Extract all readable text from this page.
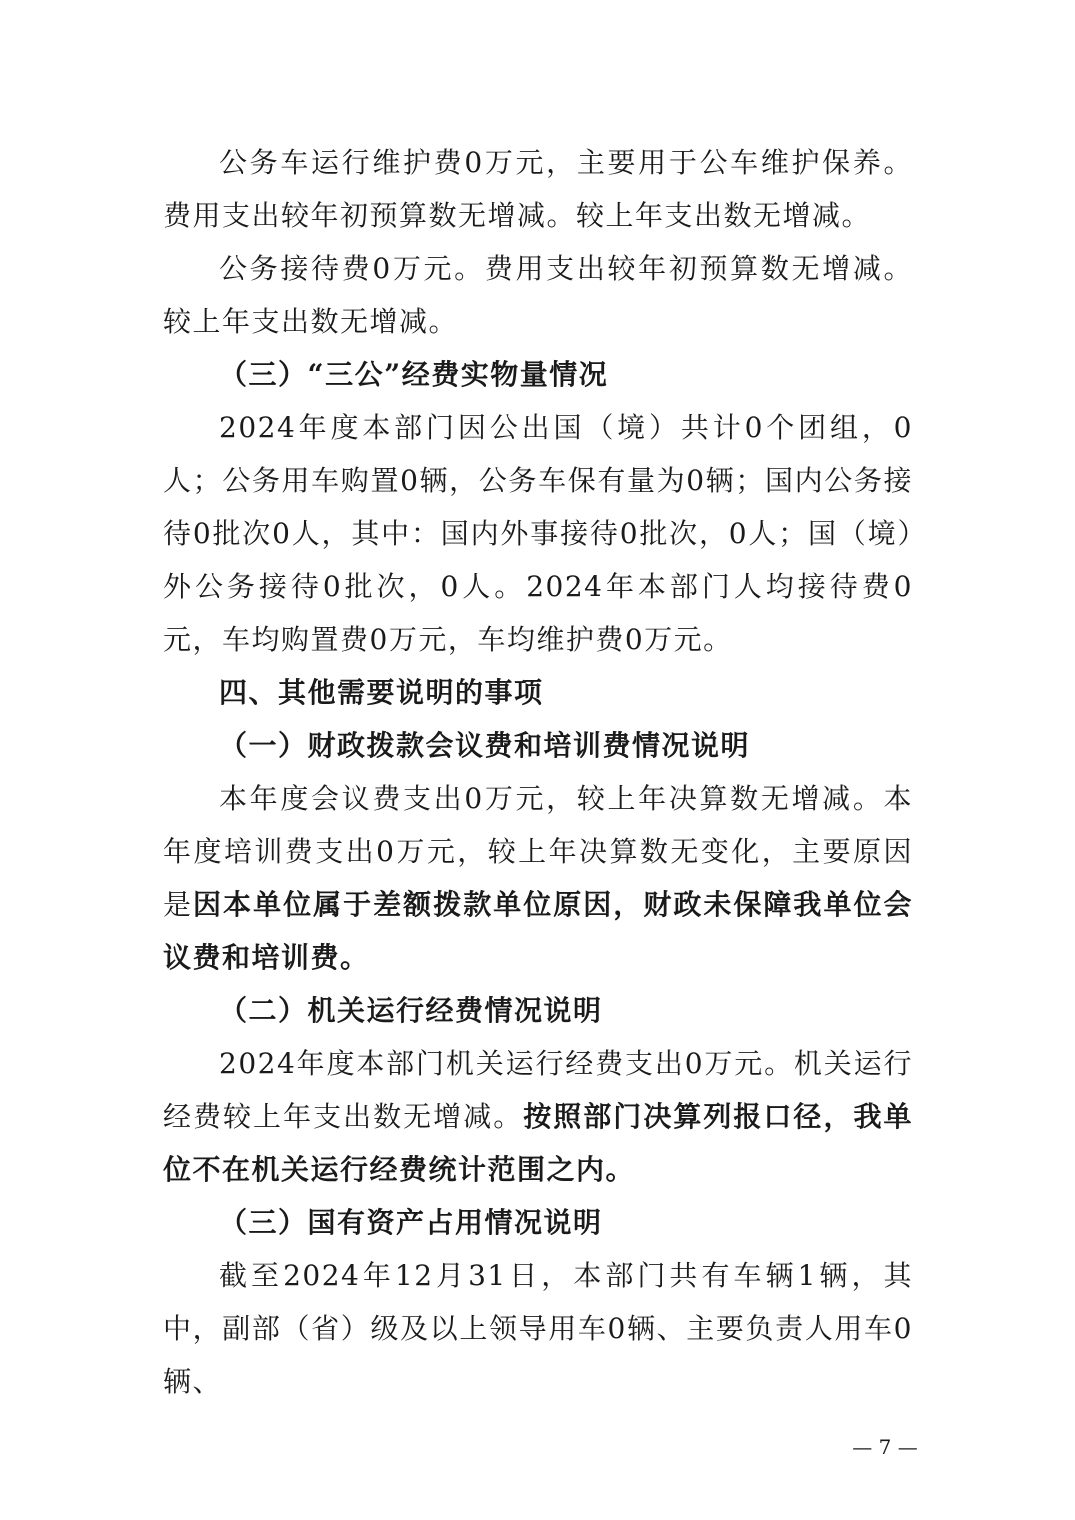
公务车运行维护费0万元，主要用于公车维护保养。费用支出较年初预算数无增减。较上年支出数无增减。

公务接待费0万元。费用支出较年初预算数无增减。较上年支出数无增减。

（三）“三公”经费实物量情况

2024年度本部门因公出国（境）共计0个团组，0人；公务用车购置0辆，公务车保有量为0辆；国内公务接待0批次0人，其中：国内外事接待0批次，0人；国（境）外公务接待0批次，0人。2024年本部门人均接待费0元，车均购置费0万元，车均维护费0万元。

四、其他需要说明的事项

（一）财政拨款会议费和培训费情况说明

本年度会议费支出0万元，较上年决算数无增减。本年度培训费支出0万元，较上年决算数无变化，主要原因是因本单位属于差额拨款单位原因，财政未保障我单位会议费和培训费。

（二）机关运行经费情况说明

2024年度本部门机关运行经费支出0万元。机关运行经费较上年支出数无增减。按照部门决算列报口径，我单位不在机关运行经费统计范围之内。

（三）国有资产占用情况说明

截至2024年12月31日，本部门共有车辆1辆，其中，副部（省）级及以上领导用车0辆、主要负责人用车0辆、

— 7 —
